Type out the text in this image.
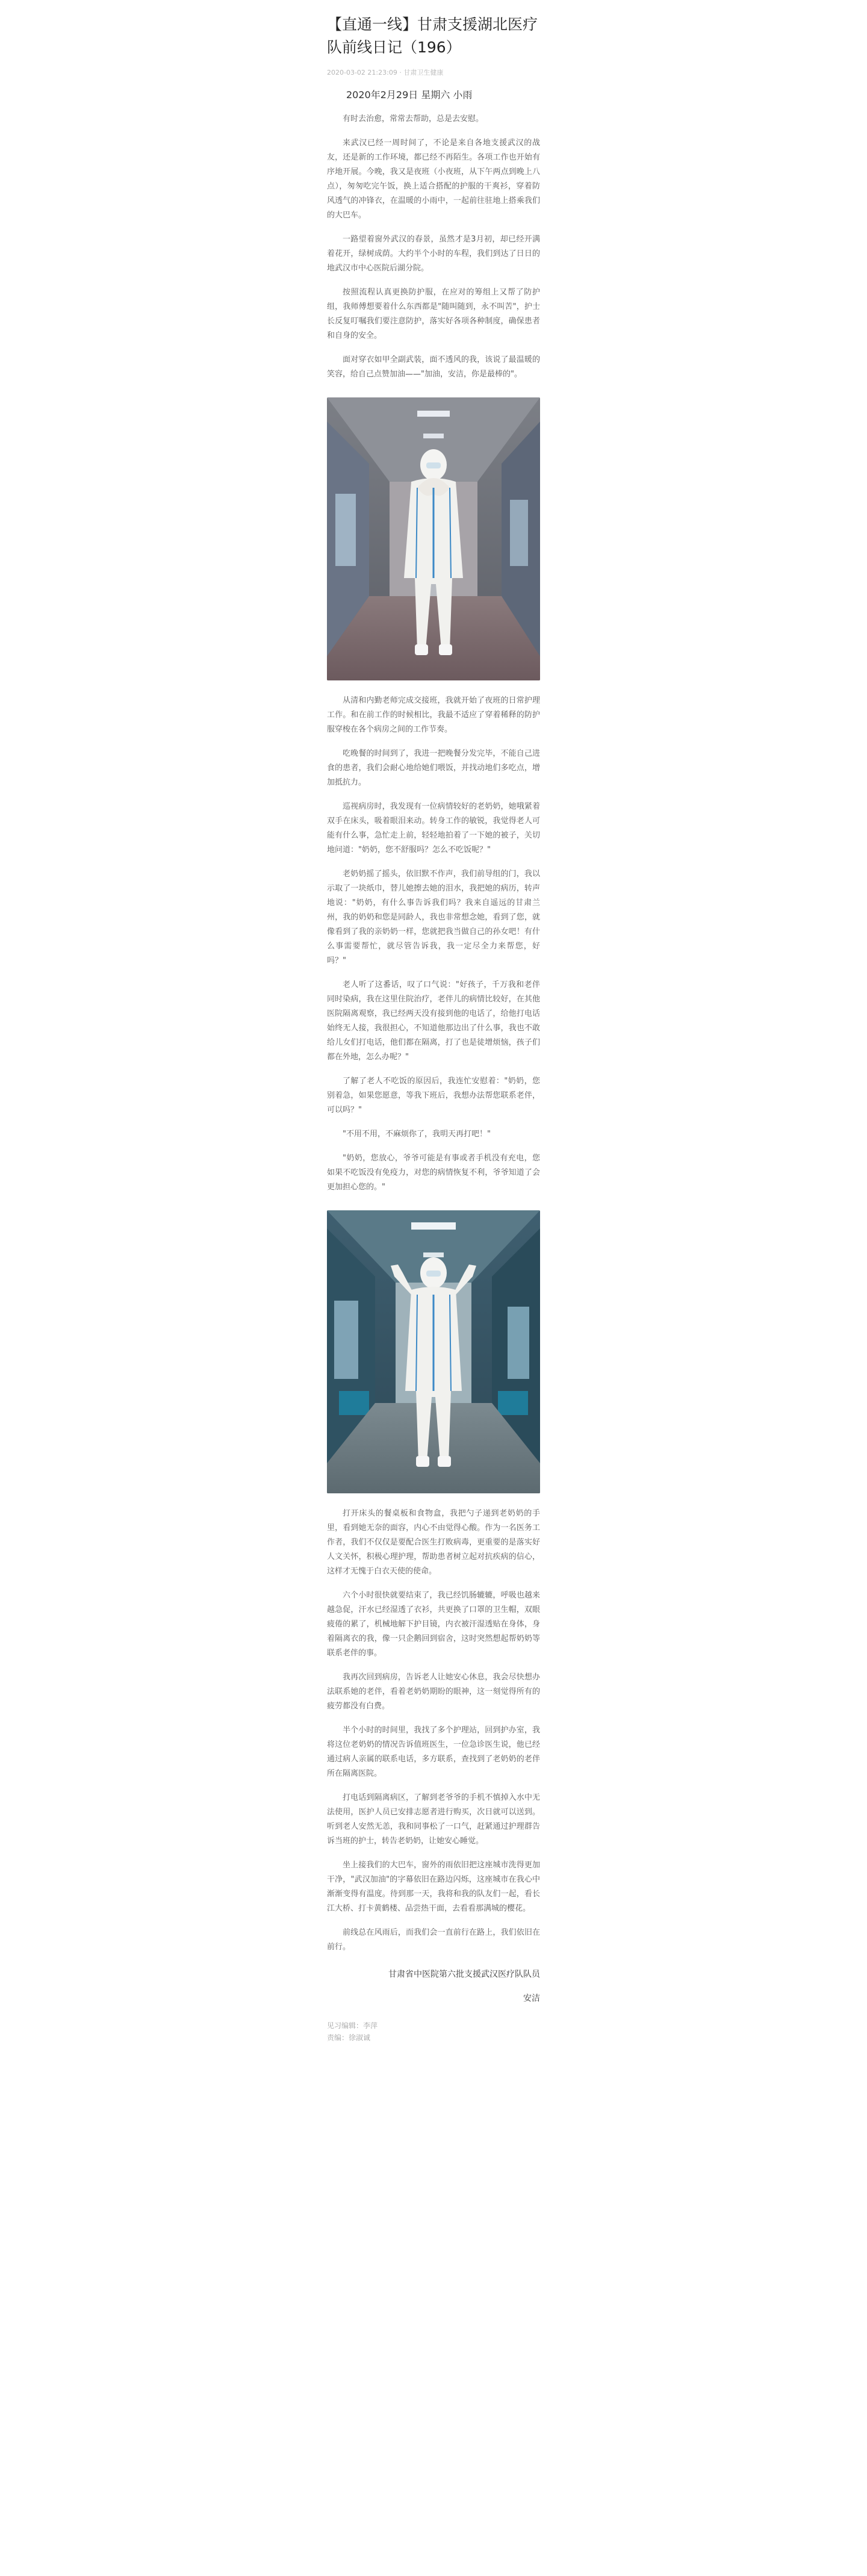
【直通一线】甘肃支援湖北医疗队前线日记（196）
2020-03-02 21:23:09 · 甘肃卫生健康
2020年2月29日 星期六 小雨

有时去治愈，常常去帮助，总是去安慰。

来武汉已经一周时间了，不论是来自各地支援武汉的战友，还是新的工作环境，都已经不再陌生。各项工作也开始有序地开展。今晚，我又是夜班（小夜班，从下午两点到晚上八点），匆匆吃完午饭，换上适合搭配的护服的干爽衫，穿着防风透气的冲锋衣，在温暖的小雨中，一起前往驻地上搭乘我们的大巴车。

一路望着窗外武汉的春景，虽然才是3月初，却已经开满着花开，绿树成荫。大约半个小时的车程，我们到达了日日的地武汉市中心医院后湖分院。

按照流程认真更换防护服，在应对的筹组上又帮了防护组，我师傅想要着什么东西都是"随叫随到，永不叫苦"，护士长反复叮嘱我们要注意防护，落实好各项各种制度，确保患者和自身的安全。

面对穿衣如甲全副武装，面不透风的我，该说了最温暖的笑容，给自己点赞加油——"加油，安洁，你是最棒的"。

从清和内勤老师完成交接班，我就开始了夜班的日常护理工作。和在前工作的时候相比，我最不适应了穿着稀释的防护服穿梭在各个病房之间的工作节奏。

吃晚餐的时间到了，我进一把晚餐分发完毕，不能自己进食的患者，我们会耐心地给她们喂饭，并找动地们多吃点，增加抵抗力。

巡视病房时，我发现有一位病情较好的老奶奶，她哦紧着双手在床头，吸着眼泪来动。转身工作的敏锐，我觉得老人可能有什么事，急忙走上前，轻轻地拍着了一下她的被子，关切地问道："奶奶，您不舒服吗？怎么不吃饭呢？"

老奶奶摇了摇头，依旧默不作声，我们前导组的门，我以示取了一块纸巾，替儿她擦去她的泪水，我把她的病历，转声地说："奶奶，有什么事告诉我们吗？我来自遥远的甘肃兰州，我的奶奶和您是同龄人，我也非常想念她，看到了您，就像看到了我的亲奶奶一样，您就把我当做自己的孙女吧！有什么事需要帮忙，就尽管告诉我，我一定尽全力来帮您，好吗？"

老人听了这番话，叹了口气说："好孩子，千万我和老伴同时染病，我在这里住院治疗，老伴儿的病情比较好，在其他医院隔离观察，我已经两天没有接到他的电话了，给他打电话始终无人接，我很担心，不知道他那边出了什么事，我也不敢给儿女们打电话，他们都在隔离，打了也是徒增烦恼，孩子们都在外地，怎么办呢？"

了解了老人不吃饭的原因后，我连忙安慰着："奶奶，您别着急，如果您愿意，等我下班后，我想办法帮您联系老伴，可以吗？"

"不用不用，不麻烦你了，我明天再打吧！"

"奶奶，您放心，爷爷可能是有事或者手机没有充电，您如果不吃饭没有免疫力，对您的病情恢复不利，爷爷知道了会更加担心您的。"

打开床头的餐桌板和食物盒，我把勺子递到老奶奶的手里，看到她无奈的面容，内心不由觉得心酸。作为一名医务工作者，我们不仅仅是要配合医生打败病毒，更重要的是落实好人文关怀，积极心理护理，帮助患者树立起对抗疾病的信心，这样才无愧于白衣天使的使命。

六个小时很快就要结束了，我已经饥肠辘辘，呼吸也越来越急促，汗水已经湿透了衣衫，共更换了口罩的卫生帽，双眼疲倦的累了，机械地解下护目镜，内衣被汗湿透贴在身体，身着隔离衣的我，像一只企鹅回到宿舍，这时突然想起帮奶奶等联系老伴的事。

我再次回到病房，告诉老人让她安心休息，我会尽快想办法联系她的老伴，看着老奶奶期盼的眼神，这一刻觉得所有的疲劳都没有白费。

半个小时的时间里，我找了多个护理站，回到护办室，我将这位老奶奶的情况告诉值班医生，一位急诊医生说，他已经通过病人亲属的联系电话，多方联系，查找到了老奶奶的老伴所在隔离医院。

打电话到隔离病区，了解到老爷爷的手机不慎掉入水中无法使用，医护人员已安排志愿者进行购买，次日就可以送到。听到老人安然无恙，我和同事松了一口气，赶紧通过护理群告诉当班的护士，转告老奶奶，让她安心睡觉。

坐上接我们的大巴车，窗外的雨依旧把这座城市洗得更加干净，"武汉加油"的字幕依旧在路边闪烁，这座城市在我心中渐渐变得有温度。待到那一天，我将和我的队友们一起，看长江大桥、打卡黄鹤楼、品尝热干面，去看看那满城的樱花。

前线总在风雨后，而我们会一直前行在路上，我们依旧在前行。

甘肃省中医院第六批支援武汉医疗队队员
安洁
见习编辑：李萍
责编：徐淑诚
